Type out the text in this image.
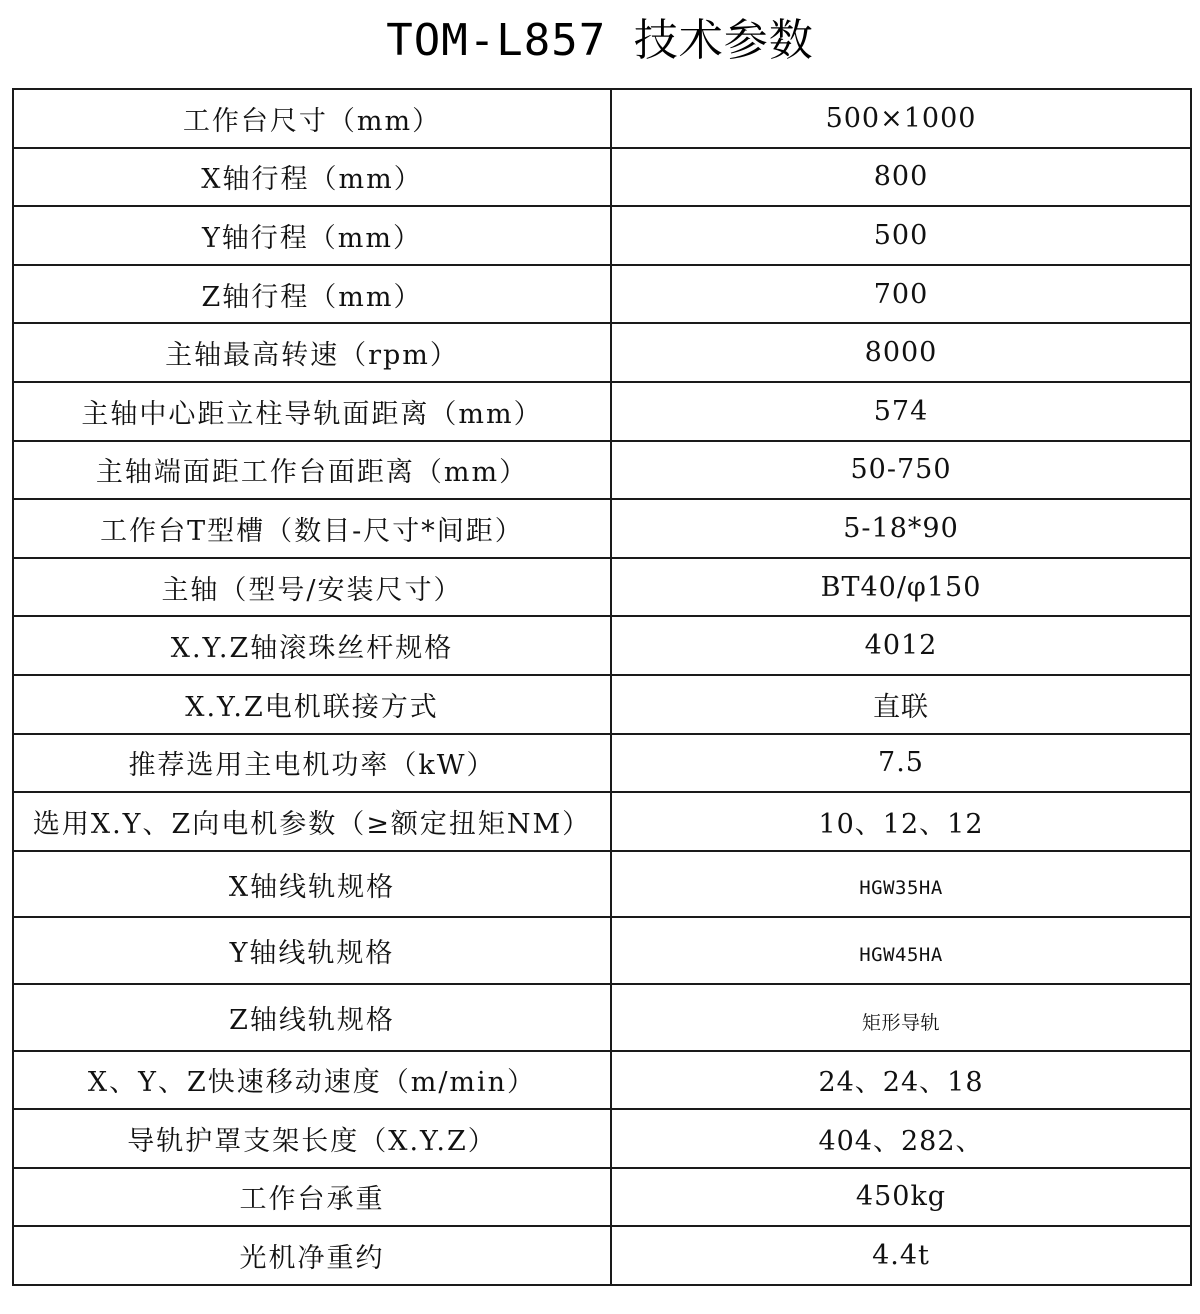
TOM-L857 技术参数
工作台尺寸（mm）	500×1000
X轴行程（mm）	800
Y轴行程（mm）	500
Z轴行程（mm）	700
主轴最高转速（rpm）	8000
主轴中心距立柱导轨面距离（mm）	574
主轴端面距工作台面距离（mm）	50-750
工作台T型槽（数目-尺寸*间距）	5-18*90
主轴（型号/安装尺寸）	BT40/φ150
X.Y.Z轴滚珠丝杆规格	4012
X.Y.Z电机联接方式	直联
推荐选用主电机功率（kW）	7.5
选用X.Y、Z向电机参数（≥额定扭矩NM）	10、12、12
X轴线轨规格	HGW35HA
Y轴线轨规格	HGW45HA
Z轴线轨规格	矩形导轨
X、Y、Z快速移动速度（m/min）	24、24、18
导轨护罩支架长度（X.Y.Z）	404、282、
工作台承重	450kg
光机净重约	4.4t
